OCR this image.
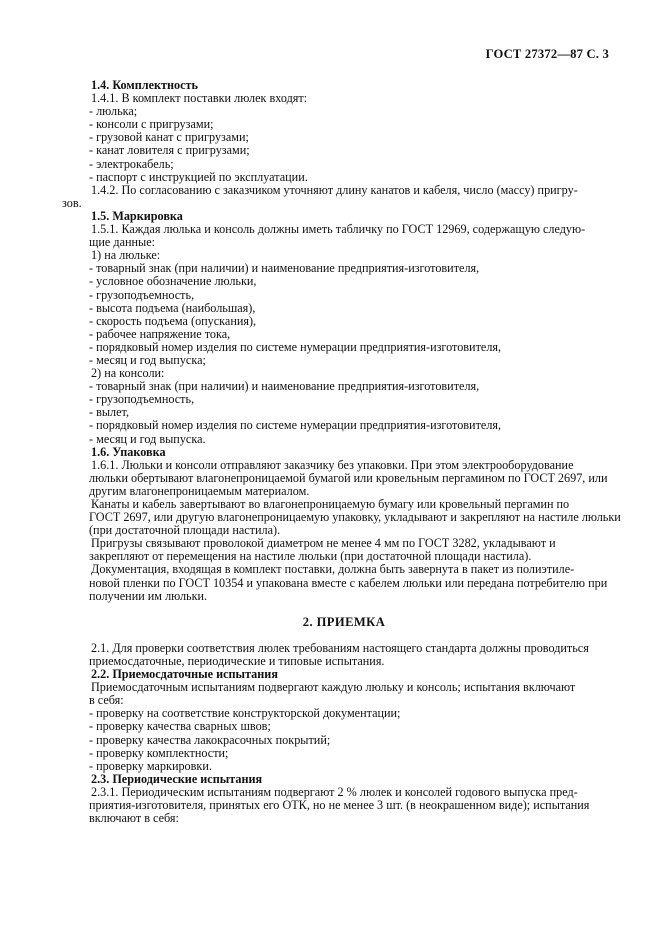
ГОСТ 27372—87 С. 3

1.4. Комплектность

1.4.1. В комплект поставки люлек входят:

- люлька;

- консоли с пригрузами;

- грузовой канат с пригрузами;

- канат ловителя с пригрузами;

- электрокабель;

- паспорт с инструкцией по эксплуатации.

1.4.2. По согласованию с заказчиком уточняют длину канатов и кабеля, число (массу) пригру-

зов.

1.5. Маркировка

1.5.1. Каждая люлька и консоль должны иметь табличку по ГОСТ 12969, содержащую следую-

щие данные:

1) на люльке:

- товарный знак (при наличии) и наименование предприятия-изготовителя,

- условное обозначение люльки,

- грузоподъемность,

- высота подъема (наибольшая),

- скорость подъема (опускания),

- рабочее напряжение тока,

- порядковый номер изделия по системе нумерации предприятия-изготовителя,

- месяц и год выпуска;

2) на консоли:

- товарный знак (при наличии) и наименование предприятия-изготовителя,

- грузоподъемность,

- вылет,

- порядковый номер изделия по системе нумерации предприятия-изготовителя,

- месяц и год выпуска.

1.6. Упаковка

1.6.1. Люльки и консоли отправляют заказчику без упаковки. При этом электрооборудование

люльки обертывают влагонепроницаемой бумагой или кровельным пергамином по ГОСТ 2697, или

другим влагонепроницаемым материалом.

Канаты и кабель завертывают во влагонепроницаемую бумагу или кровельный пергамин по

ГОСТ 2697, или другую влагонепроницаемую упаковку, укладывают и закрепляют на настиле люльки

(при достаточной площади настила).

Пригрузы связывают проволокой диаметром не менее 4 мм по ГОСТ 3282, укладывают и

закрепляют от перемещения на настиле люльки (при достаточной площади настила).

Документация, входящая в комплект поставки, должна быть завернута в пакет из полиэтиле-

новой пленки по ГОСТ 10354 и упакована вместе с кабелем люльки или передана потребителю при

получении им люльки.

2. ПРИЕМКА

2.1. Для проверки соответствия люлек требованиям настоящего стандарта должны проводиться

приемосдаточные, периодические и типовые испытания.

2.2. Приемосдаточные испытания

Приемосдаточным испытаниям подвергают каждую люльку и консоль; испытания включают

в себя:

- проверку на соответствие конструкторской документации;

- проверку качества сварных швов;

- проверку качества лакокрасочных покрытий;

- проверку комплектности;

- проверку маркировки.

2.3. Периодические испытания

2.3.1. Периодическим испытаниям подвергают 2 % люлек и консолей годового выпуска пред-

приятия-изготовителя, принятых его ОТК, но не менее 3 шт. (в неокрашенном виде); испытания

включают в себя:
